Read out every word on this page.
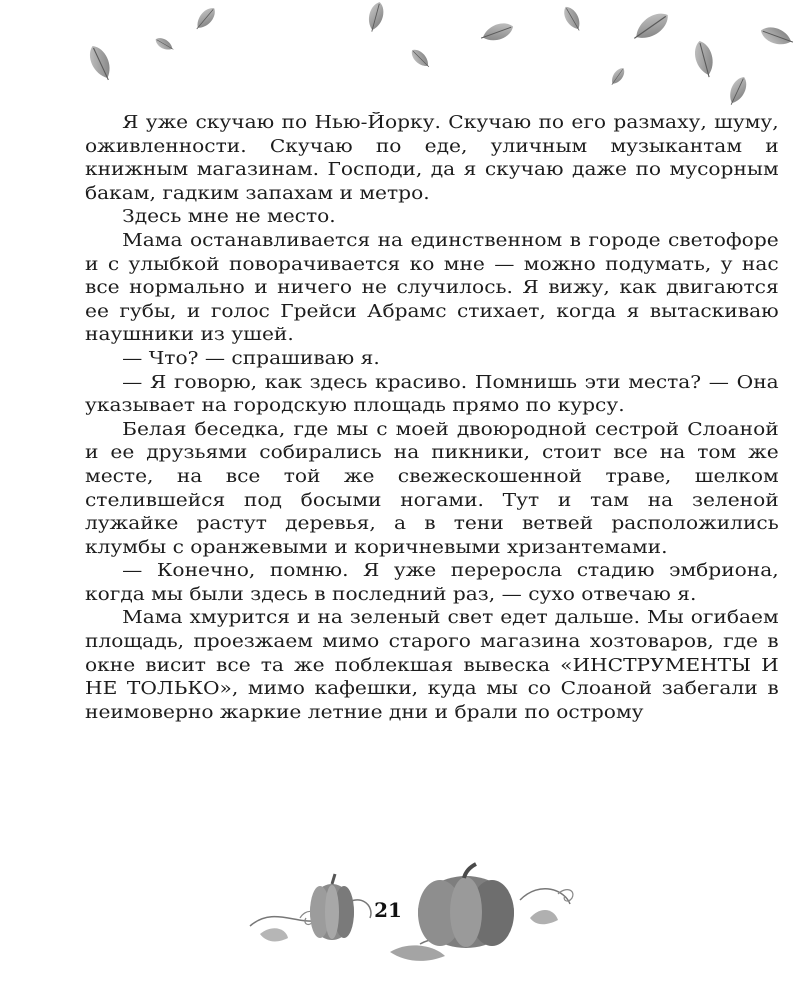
Я уже скучаю по Нью-Йорку. Скучаю по его размаху, шуму, оживленности. Скучаю по еде, уличным музыкантам и книжным магазинам. Господи, да я скучаю даже по мусорным бакам, гадким запахам и метро.

Здесь мне не место.

Мама останавливается на единственном в городе светофоре и с улыбкой поворачивается ко мне — можно подумать, у нас все нормально и ничего не случилось. Я вижу, как двигаются ее губы, и голос Грейси Абрамс стихает, когда я вытаскиваю наушники из ушей.

— Что? — спрашиваю я.

— Я говорю, как здесь красиво. Помнишь эти места? — Она указывает на городскую площадь прямо по курсу.

Белая беседка, где мы с моей двоюродной сестрой Слоаной и ее друзьями собирались на пикники, стоит все на том же месте, на все той же свежескошенной траве, шелком стелившейся под босыми ногами. Тут и там на зеленой лужайке растут деревья, а в тени ветвей расположились клумбы с оранжевыми и коричневыми хризантемами.

— Конечно, помню. Я уже переросла стадию эмбриона, когда мы были здесь в последний раз, — сухо отвечаю я.

Мама хмурится и на зеленый свет едет дальше. Мы огибаем площадь, проезжаем мимо старого магазина хозтоваров, где в окне висит все та же поблекшая вывеска «ИНСТРУМЕНТЫ И НЕ ТОЛЬКО», мимо кафешки, куда мы со Слоаной забегали в неимоверно жаркие летние дни и брали по острому

21
